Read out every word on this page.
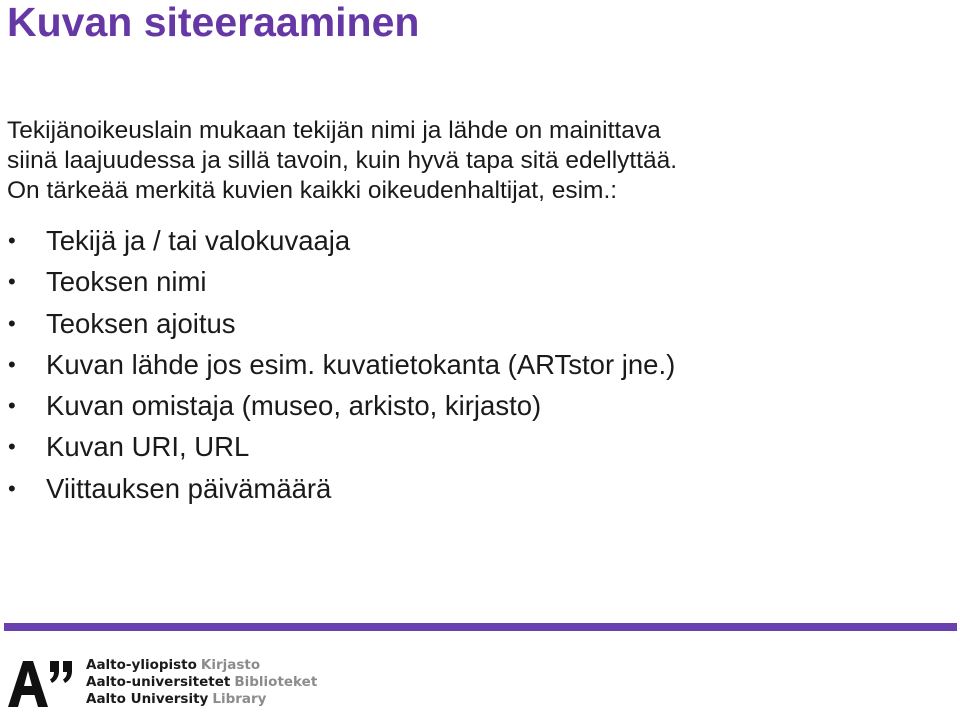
Kuvan siteeraaminen

Tekijänoikeuslain mukaan tekijän nimi ja lähde on mainittava

siinä laajuudessa ja sillä tavoin, kuin hyvä tapa sitä edellyttää.

On tärkeää merkitä kuvien kaikki oikeudenhaltijat, esim.:

• Tekijä ja / tai valokuvaaja
• Teoksen nimi
• Teoksen ajoitus
• Kuvan lähde jos esim. kuvatietokanta (ARTstor jne.)
• Kuvan omistaja (museo, arkisto, kirjasto)
• Kuvan URI, URL
• Viittauksen päivämäärä
Aalto-yliopisto Kirjasto
Aalto-universitetet Biblioteket
Aalto University Library
